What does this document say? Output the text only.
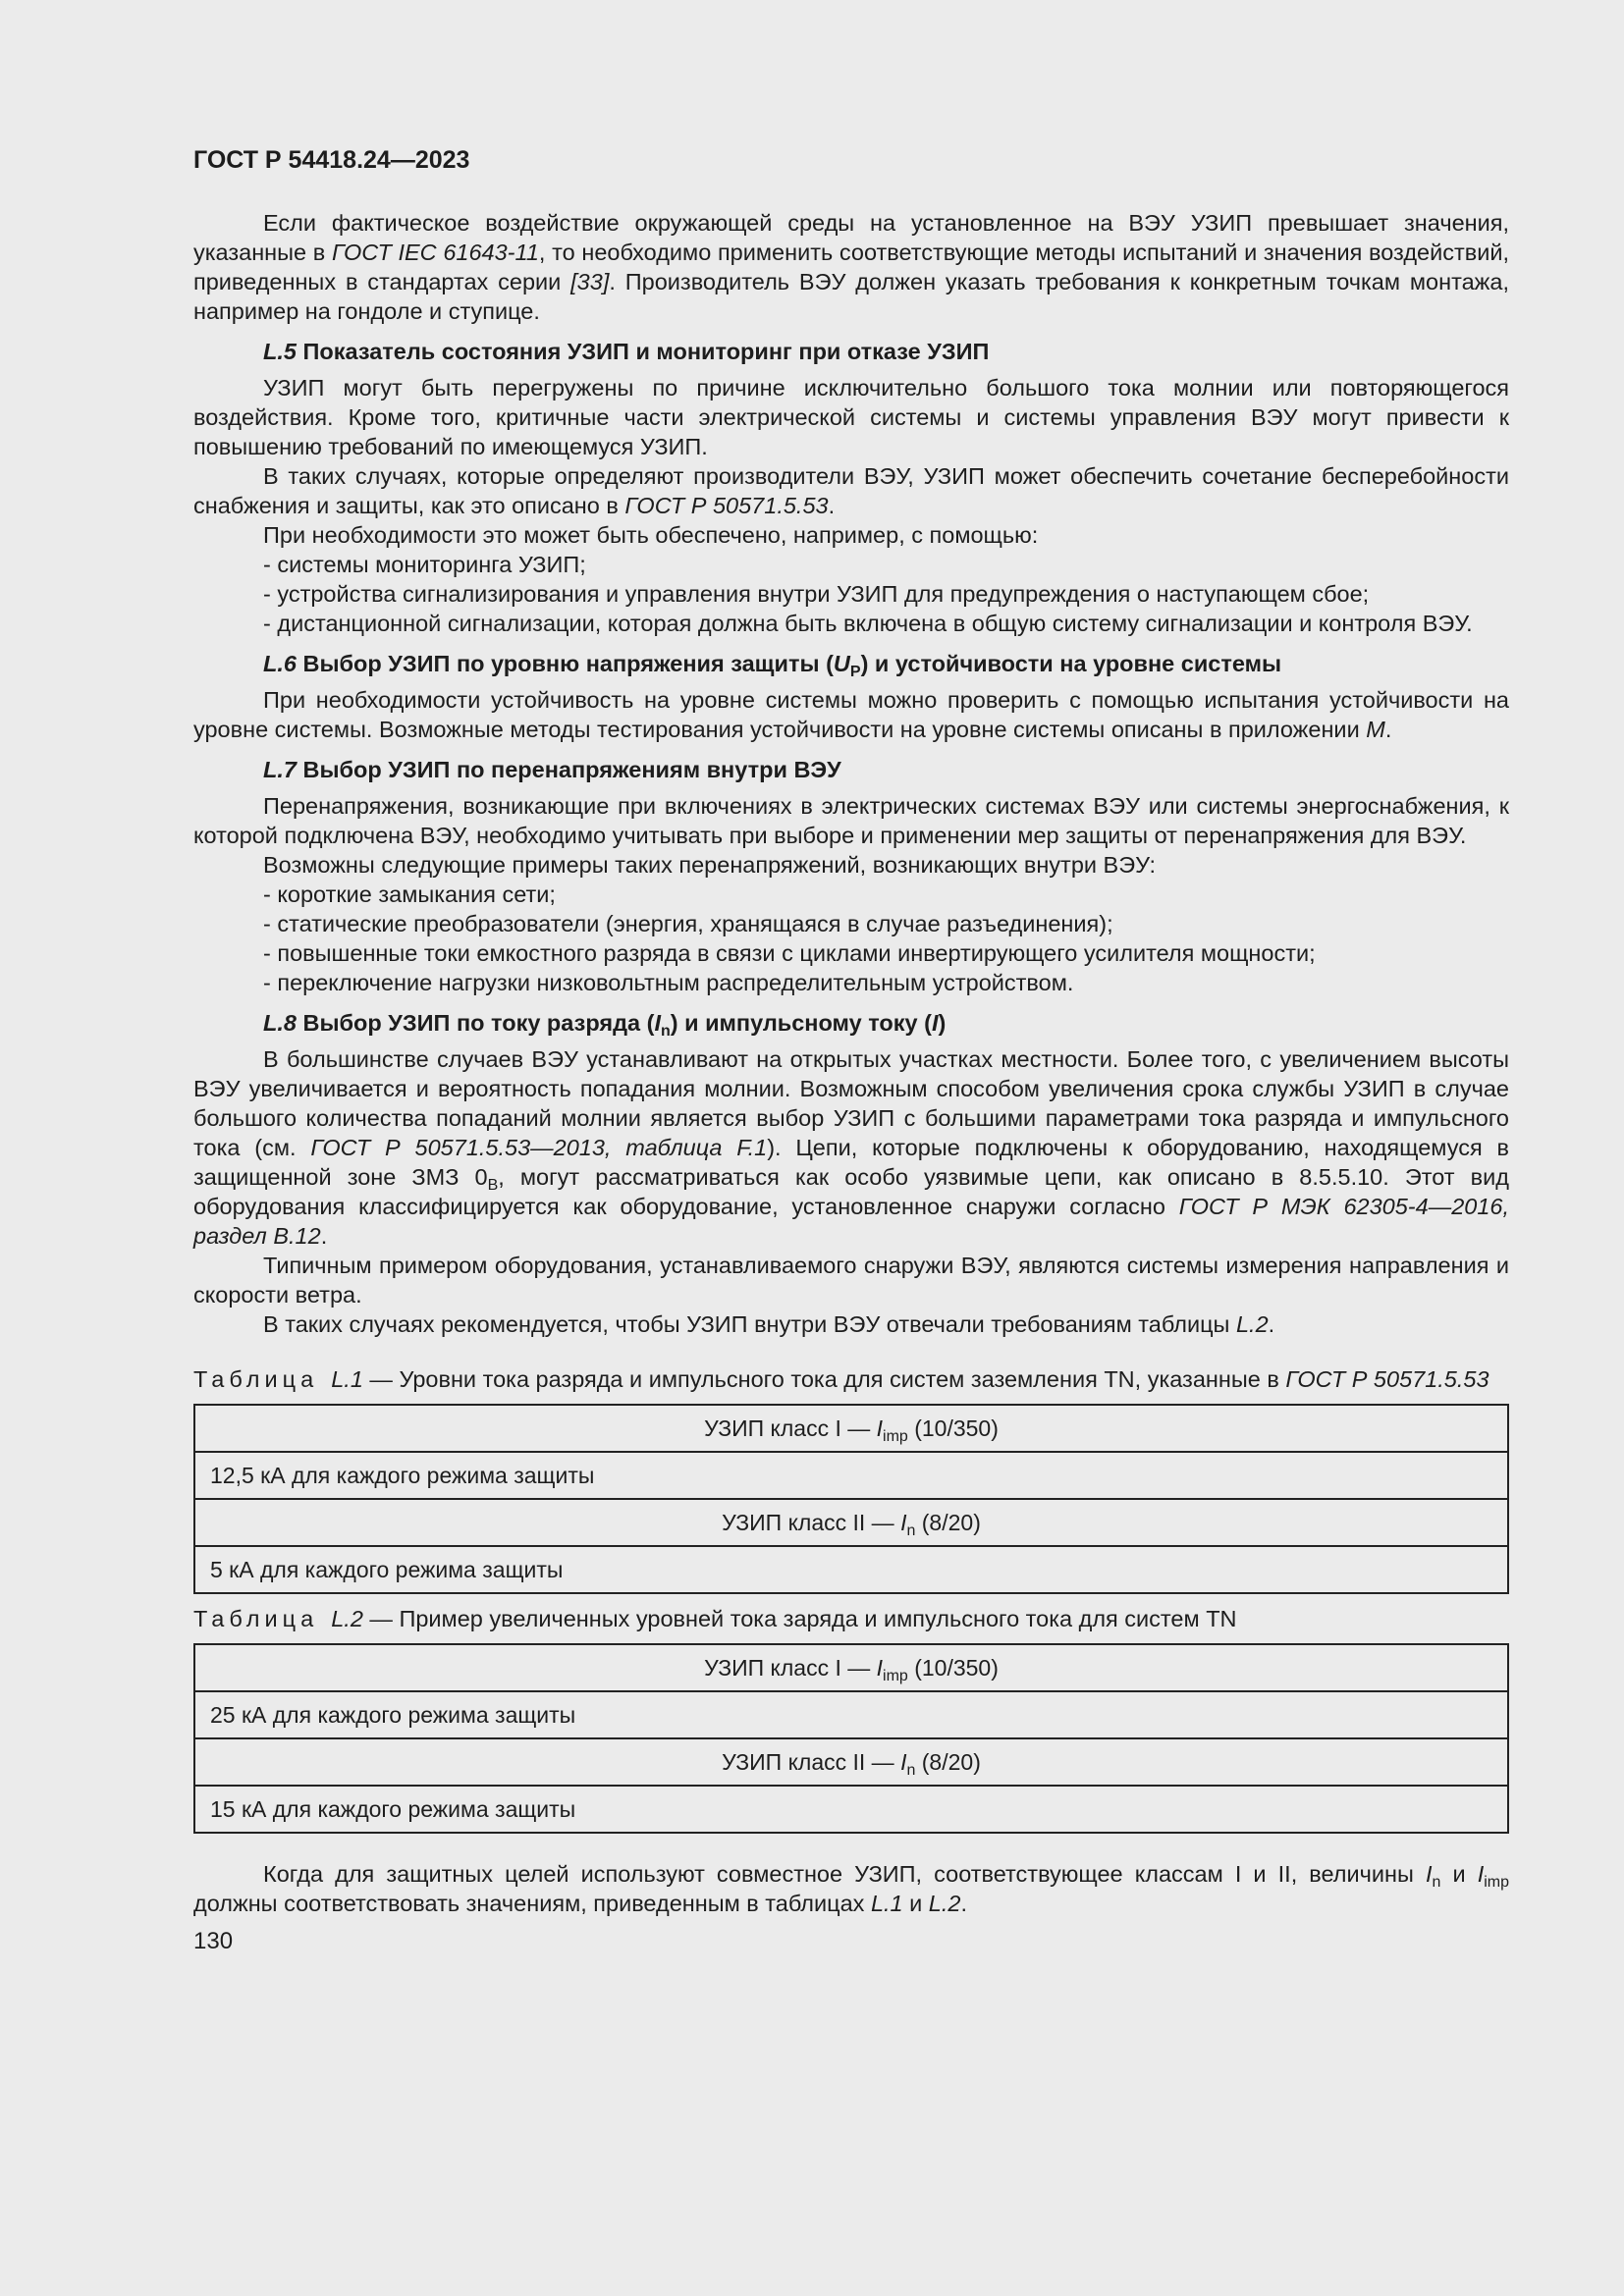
ГОСТ Р 54418.24—2023

Если фактическое воздействие окружающей среды на установленное на ВЭУ УЗИП превышает значения, указанные в ГОСТ IEC 61643-11, то необходимо применить соответствующие методы испытаний и значения воздействий, приведенных в стандартах серии [33]. Производитель ВЭУ должен указать требования к конкретным точкам монтажа, например на гондоле и ступице.

L.5 Показатель состояния УЗИП и мониторинг при отказе УЗИП

УЗИП могут быть перегружены по причине исключительно большого тока молнии или повторяющегося воздействия. Кроме того, критичные части электрической системы и системы управления ВЭУ могут привести к повышению требований по имеющемуся УЗИП.

В таких случаях, которые определяют производители ВЭУ, УЗИП может обеспечить сочетание бесперебойности снабжения и защиты, как это описано в ГОСТ Р 50571.5.53.

При необходимости это может быть обеспечено, например, с помощью:

- системы мониторинга УЗИП;

- устройства сигнализирования и управления внутри УЗИП для предупреждения о наступающем сбое;

- дистанционной сигнализации, которая должна быть включена в общую систему сигнализации и контроля ВЭУ.

L.6 Выбор УЗИП по уровню напряжения защиты $(U_P)$ и устойчивости на уровне системы

При необходимости устойчивость на уровне системы можно проверить с помощью испытания устойчивости на уровне системы. Возможные методы тестирования устойчивости на уровне системы описаны в приложении М.

L.7 Выбор УЗИП по перенапряжениям внутри ВЭУ

Перенапряжения, возникающие при включениях в электрических системах ВЭУ или системы энергоснабжения, к которой подключена ВЭУ, необходимо учитывать при выборе и применении мер защиты от перенапряжения для ВЭУ.

Возможны следующие примеры таких перенапряжений, возникающих внутри ВЭУ:

- короткие замыкания сети;

- статические преобразователи (энергия, хранящаяся в случае разъединения);

- повышенные токи емкостного разряда в связи с циклами инвертирующего усилителя мощности;

- переключение нагрузки низковольтным распределительным устройством.

L.8 Выбор УЗИП по току разряда $(I_n)$ и импульсному току (I)

В большинстве случаев ВЭУ устанавливают на открытых участках местности. Более того, с увеличением высоты ВЭУ увеличивается и вероятность попадания молнии. Возможным способом увеличения срока службы УЗИП в случае большого количества попаданий молнии является выбор УЗИП с большими параметрами тока разряда и импульсного тока (см. ГОСТ Р 50571.5.53—2013, таблица F.1). Цепи, которые подключены к оборудованию, находящемуся в защищенной зоне ЗМЗ $0_B$, могут рассматриваться как особо уязвимые цепи, как описано в 8.5.5.10. Этот вид оборудования классифицируется как оборудование, установленное снаружи согласно ГОСТ Р МЭК 62305-4—2016, раздел B.12.

Типичным примером оборудования, устанавливаемого снаружи ВЭУ, являются системы измерения направления и скорости ветра.

В таких случаях рекомендуется, чтобы УЗИП внутри ВЭУ отвечали требованиям таблицы L.2.

Таблица L.1 — Уровни тока разряда и импульсного тока для систем заземления TN, указанные в ГОСТ Р 50571.5.53

УЗИП класс I — $I_{imp}$ (10/350)
12,5 кА для каждого режима защиты
УЗИП класс II — $I_n$ (8/20)
5 кА для каждого режима защиты

Таблица L.2 — Пример увеличенных уровней тока заряда и импульсного тока для систем TN

УЗИП класс I — $I_{imp}$ (10/350)
25 кА для каждого режима защиты
УЗИП класс II — $I_n$ (8/20)
15 кА для каждого режима защиты

Когда для защитных целей используют совместное УЗИП, соответствующее классам I и II, величины $I_n$ и $I_{imp}$ должны соответствовать значениям, приведенным в таблицах L.1 и L.2.

130
